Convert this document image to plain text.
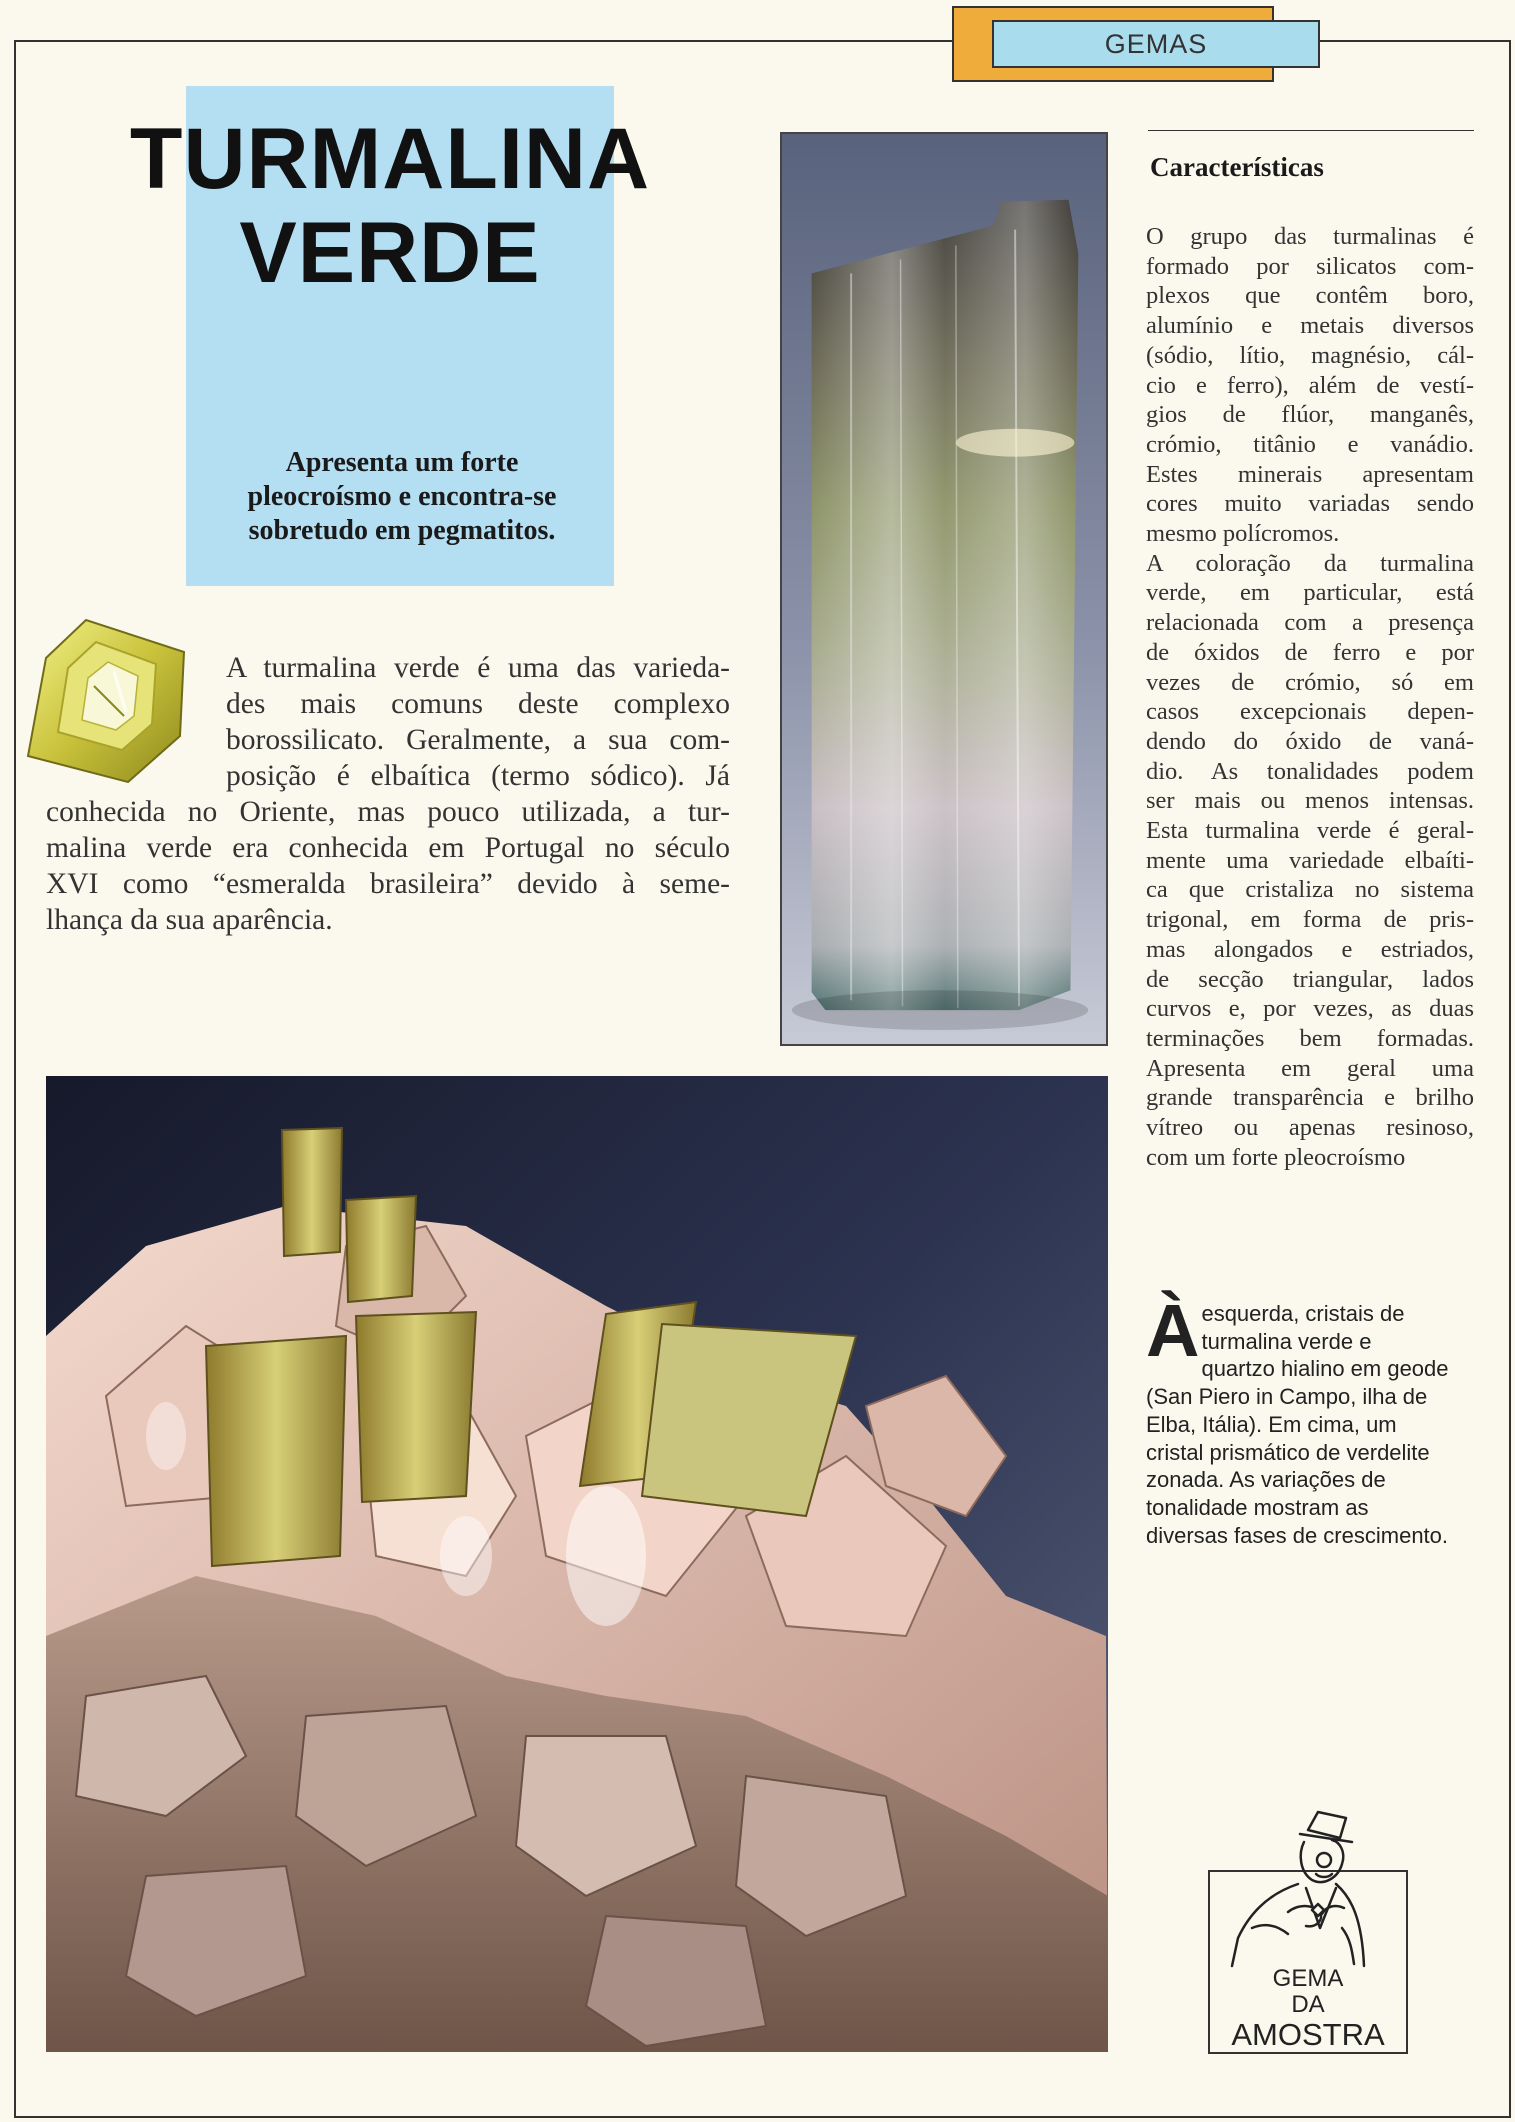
GEMAS
TURMALINA
VERDE
Apresenta um forte
pleocroísmo e encontra-se
sobretudo em pegmatitos.
A turmalina verde é uma das varieda-
des mais comuns deste complexo
borossilicato. Geralmente, a sua com-
posição é elbaítica (termo sódico). Já
conhecida no Oriente, mas pouco utilizada, a tur-
malina verde era conhecida em Portugal no século
XVI como “esmeralda brasileira” devido à seme-
lhança da sua aparência.
Características
O grupo das turmalinas é
formado por silicatos com-
plexos que contêm boro,
alumínio e metais diversos
(sódio, lítio, magnésio, cál-
cio e ferro), além de vestí-
gios de flúor, manganês,
crómio, titânio e vanádio.
Estes minerais apresentam
cores muito variadas sendo
mesmo polícromos.
A coloração da turmalina
verde, em particular, está
relacionada com a presença
de óxidos de ferro e por
vezes de crómio, só em
casos excepcionais depen-
dendo do óxido de vaná-
dio. As tonalidades podem
ser mais ou menos intensas.
Esta turmalina verde é geral-
mente uma variedade elbaíti-
ca que cristaliza no sistema
trigonal, em forma de pris-
mas alongados e estriados,
de secção triangular, lados
curvos e, por vezes, as duas
terminações bem formadas.
Apresenta em geral uma
grande transparência e brilho
vítreo ou apenas resinoso,
com um forte pleocroísmo
À esquerda, cristais de
turmalina verde e
quartzo hialino em geode
(San Piero in Campo, ilha de
Elba, Itália). Em cima, um
cristal prismático de verdelite
zonada. As variações de
tonalidade mostram as
diversas fases de crescimento.
GEMA
DA
AMOSTRA
